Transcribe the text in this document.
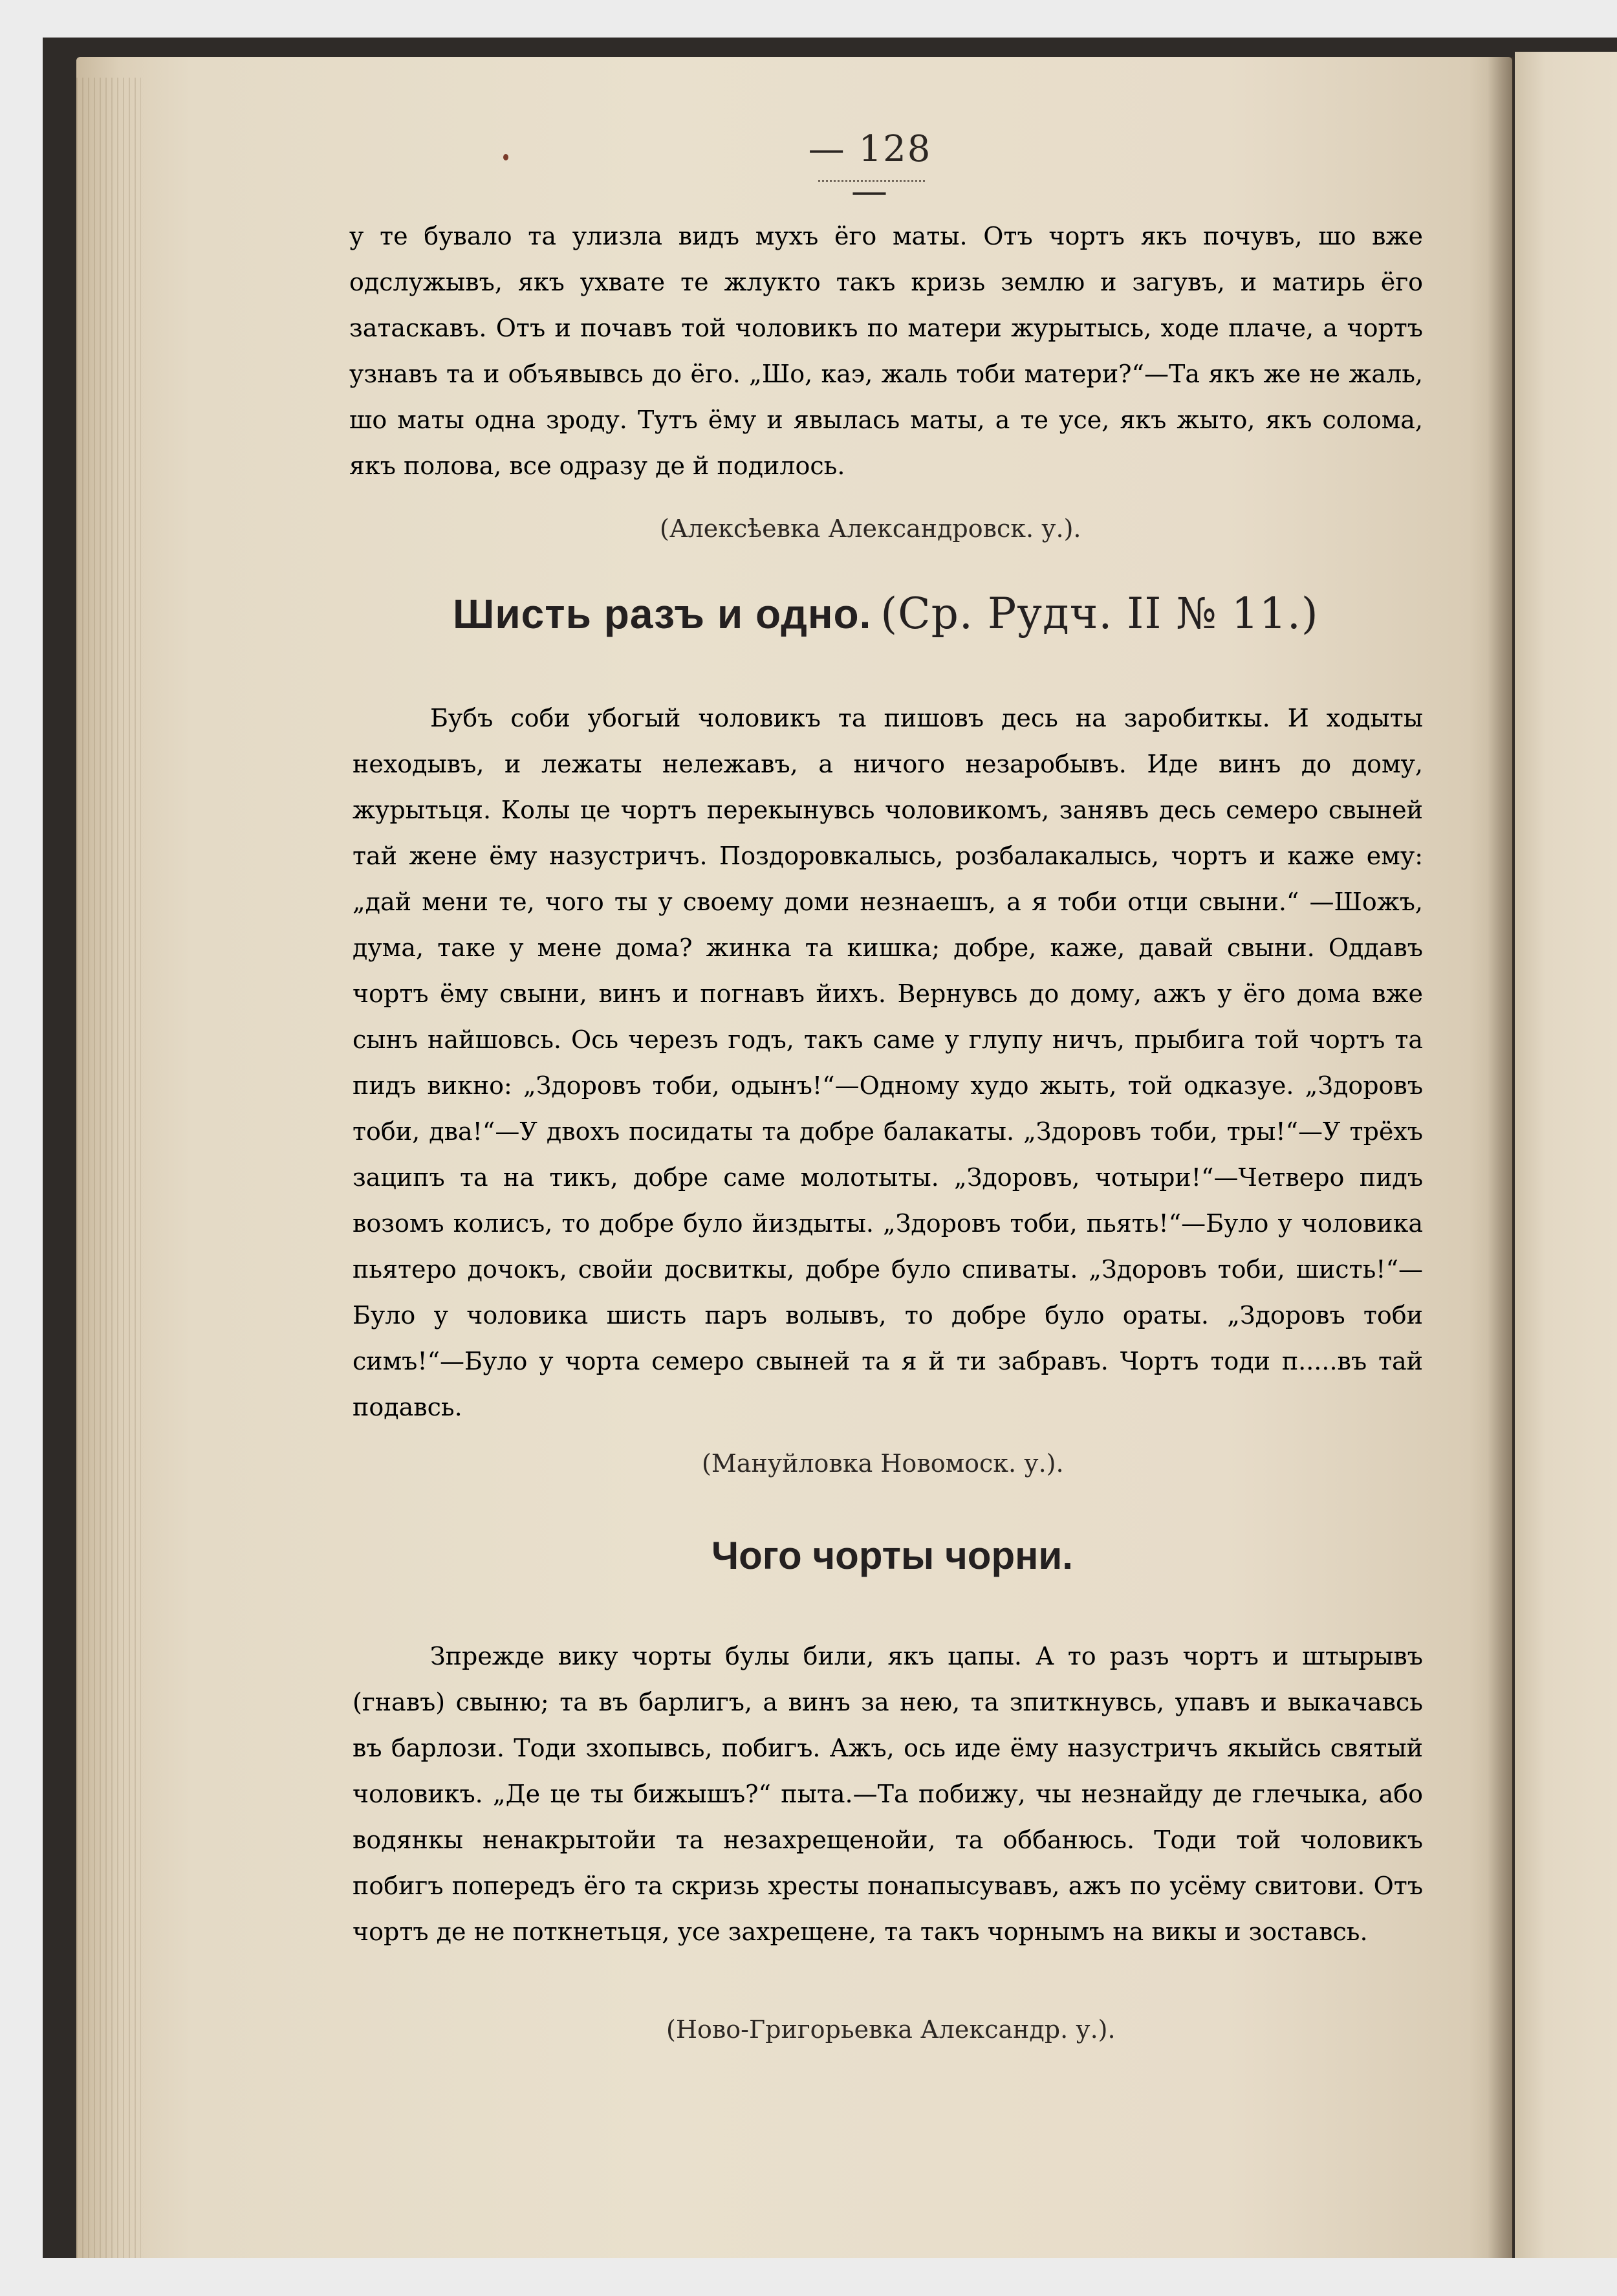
— 128 —

у те бувало та улизла видъ мухъ ёго маты. Отъ чортъ якъ почувъ, шо вже одслужывъ, якъ ухвате те жлукто такъ кризь землю и загувъ, и матирь ёго затаскавъ. Отъ и почавъ той чоловикъ по матери журытысь, ходе плаче, а чортъ узнавъ та и объявывсь до ёго. „Шо, каэ, жаль тоби матери?“—Та якъ же не жаль, шо маты одна зроду. Тутъ ёму и явылась маты, а те усе, якъ жыто, якъ солома, якъ полова, все одразу де й подилось.

(Алексѣевка Александровск. у.).
Шисть разъ и одно. (Ср. Рудч. II № 11.)

Бубъ соби убогый чоловикъ та пишовъ десь на заробиткы. И ходыты неходывъ, и лежаты нележавъ, а ничого незаробывъ. Иде винъ до дому, журытьця. Колы це чортъ перекынувсь чоловикомъ, занявъ десь семеро свыней тай жене ёму назустричъ. Поздоровкалысь, розбалакалысь, чортъ и каже ему: „дай мени те, чого ты у своему доми незнаешъ, а я тоби отци свыни.“ —Шожъ, дума, таке у мене дома? жинка та кишка; добре, каже, давай свыни. Оддавъ чортъ ёму свыни, винъ и погнавъ йихъ. Вернувсь до дому, ажъ у ёго дома вже сынъ найшовсь. Ось черезъ годъ, такъ саме у глупу ничъ, прыбига той чортъ та пидъ викно: „Здоровъ тоби, одынъ!“—Одному худо жыть, той одказуе. „Здоровъ тоби, два!“—У двохъ посидаты та добре балакаты. „Здоровъ тоби, тры!“—У трёхъ заципъ та на тикъ, добре саме молотыты. „Здоровъ, чотыри!“—Четверо пидъ возомъ колисъ, то добре було йиздыты. „Здоровъ тоби, пьять!“—Було у чоловика пьятеро дочокъ, свойи досвиткы, добре було спиваты. „Здоровъ тоби, шисть!“—Було у чоловика шисть паръ волывъ, то добре було ораты. „Здоровъ тоби симъ!“—Було у чорта семеро свыней та я й ти забравъ. Чортъ тоди п.....въ тай подавсь.

(Мануйловка Новомоск. у.).
Чого чорты чорни.

Зпрежде вику чорты булы били, якъ цапы. А то разъ чортъ и штырывъ (гнавъ) свыню; та въ барлигъ, а винъ за нею, та зпиткнувсь, упавъ и выкачавсь въ барлози. Тоди зхопывсь, побигъ. Ажъ, ось иде ёму назустричъ якыйсь святый чоловикъ. „Де це ты бижышъ?“ пыта.—Та побижу, чы незнайду де глечыка, або водянкы ненакрытойи та незахрещенойи, та оббанюсь. Тоди той чоловикъ побигъ попередъ ёго та скризь хресты понапысувавъ, ажъ по усёму свитови. Отъ чортъ де не поткнетьця, усе захрещене, та такъ чорнымъ на викы и зоставсь.

(Ново-Григорьевка Александр. у.).
